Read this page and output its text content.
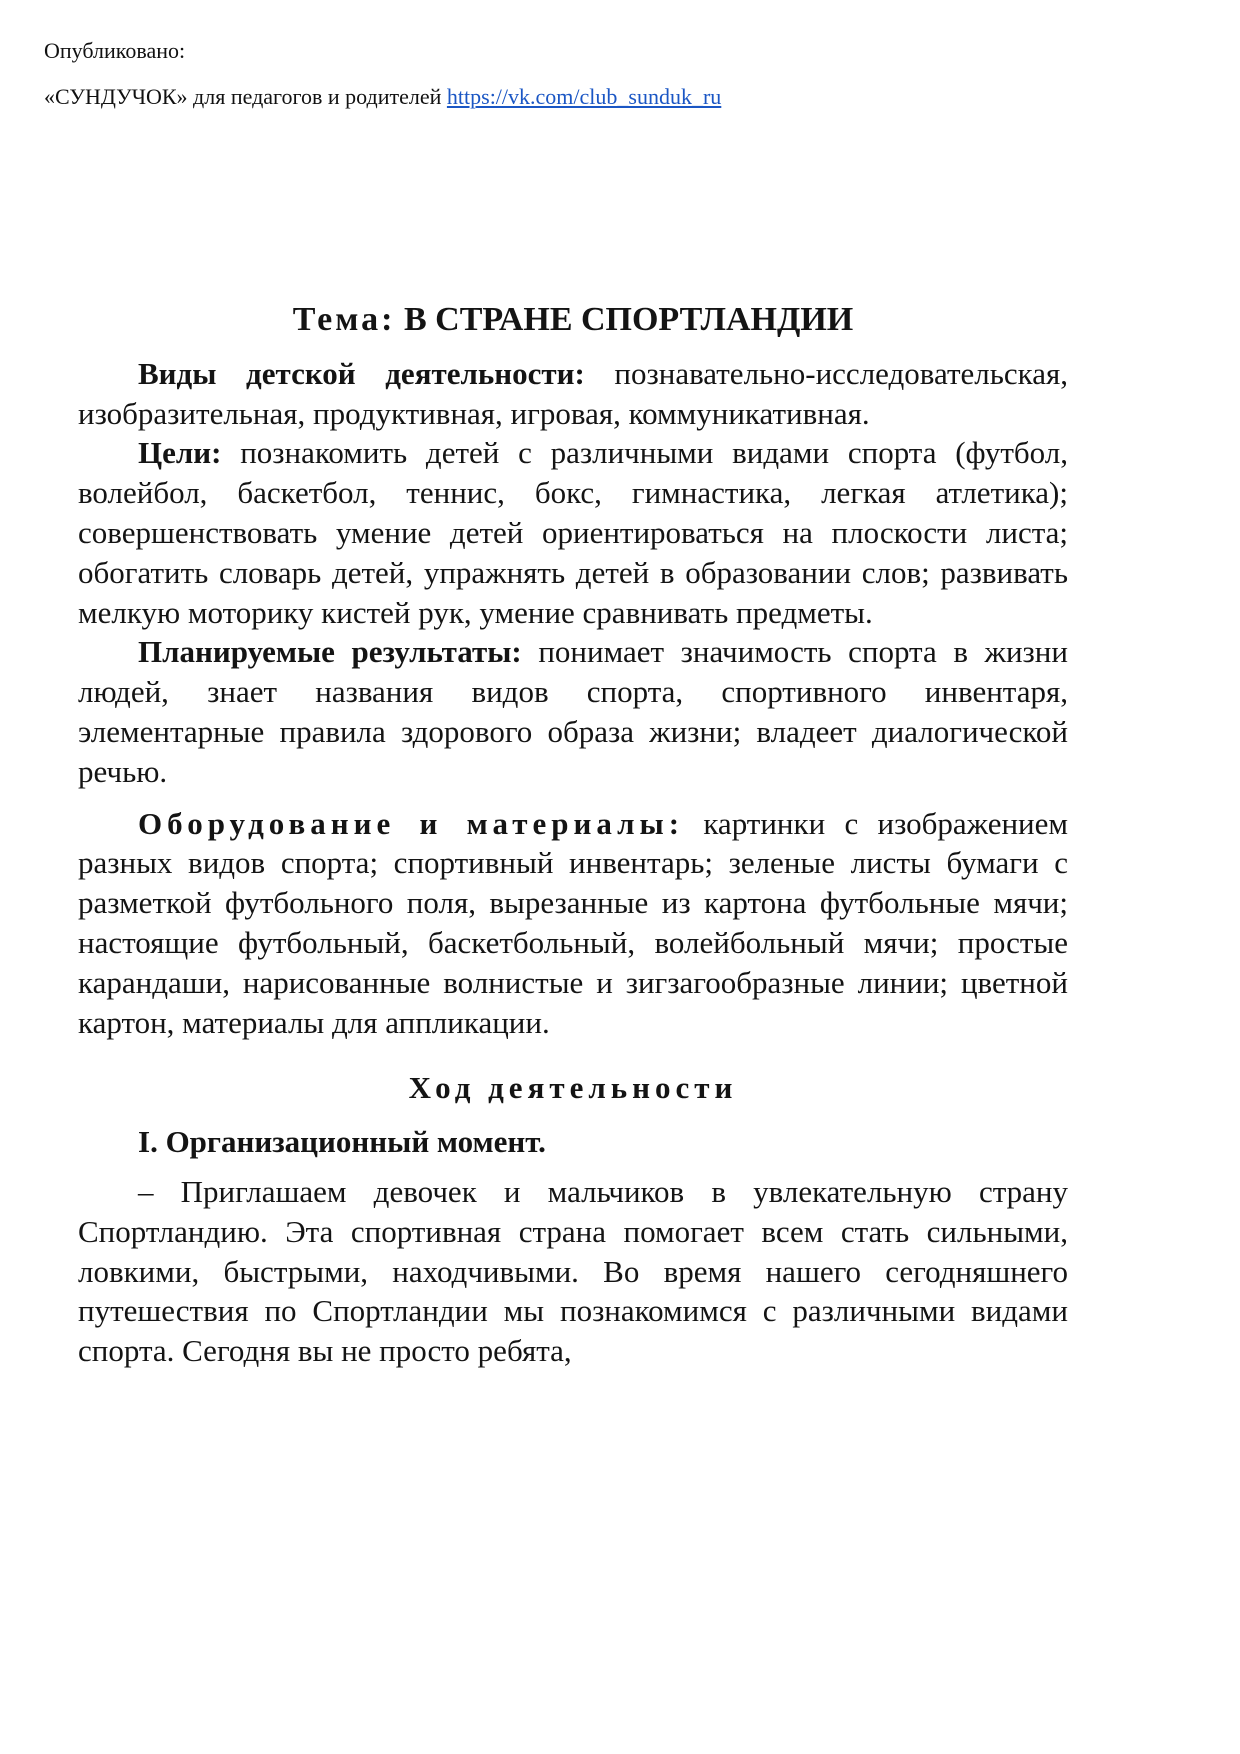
Опубликовано:
«СУНДУЧОК» для педагогов и родителей https://vk.com/club_sunduk_ru
Тема: В СТРАНЕ СПОРТЛАНДИИ

Виды детской деятельности: познавательно-исследовательская, изобразительная, продуктивная, игровая, коммуникативная.

Цели: познакомить детей с различными видами спорта (футбол, волейбол, баскетбол, теннис, бокс, гимнастика, легкая атлетика); совершенствовать умение детей ориентироваться на плоскости листа; обогатить словарь детей, упражнять детей в образовании слов; развивать мелкую моторику кистей рук, умение сравнивать предметы.

Планируемые результаты: понимает значимость спорта в жизни людей, знает названия видов спорта, спортивного инвентаря, элементарные правила здорового образа жизни; владеет диалогической речью.

Оборудование и материалы: картинки с изображением разных видов спорта; спортивный инвентарь; зеленые листы бумаги с разметкой футбольного поля, вырезанные из картона футбольные мячи; настоящие футбольный, баскетбольный, волейбольный мячи; простые карандаши, нарисованные волнистые и зигзагообразные линии; цветной картон, материалы для аппликации.

Ход деятельности
I. Организационный момент.

– Приглашаем девочек и мальчиков в увлекательную страну Спортландию. Эта спортивная страна помогает всем стать сильными, ловкими, быстрыми, находчивыми. Во время нашего сегодняшнего путешествия по Спортландии мы познакомимся с различными видами спорта. Сегодня вы не просто ребята,
